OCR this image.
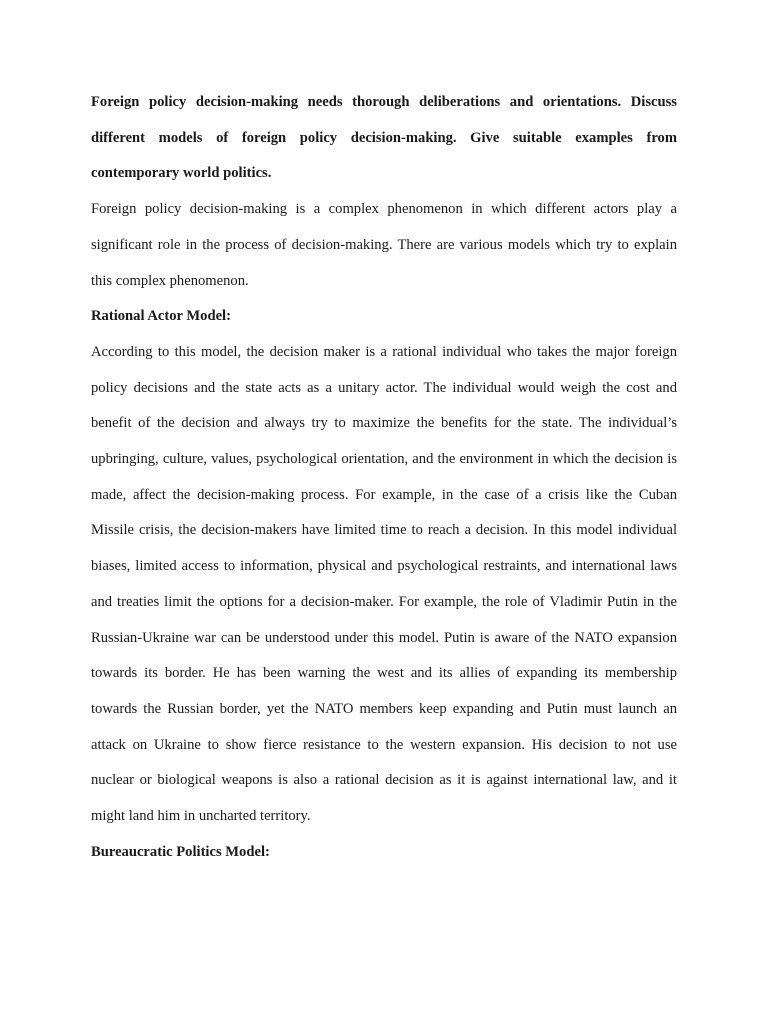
Foreign policy decision-making needs thorough deliberations and orientations. Discuss different models of foreign policy decision-making. Give suitable examples from contemporary world politics.

Foreign policy decision-making is a complex phenomenon in which different actors play a significant role in the process of decision-making. There are various models which try to explain this complex phenomenon.

Rational Actor Model:

According to this model, the decision maker is a rational individual who takes the major foreign policy decisions and the state acts as a unitary actor. The individual would weigh the cost and benefit of the decision and always try to maximize the benefits for the state. The individual’s upbringing, culture, values, psychological orientation, and the environment in which the decision is made, affect the decision-making process. For example, in the case of a crisis like the Cuban Missile crisis, the decision-makers have limited time to reach a decision. In this model individual biases, limited access to information, physical and psychological restraints, and international laws and treaties limit the options for a decision-maker. For example, the role of Vladimir Putin in the Russian-Ukraine war can be understood under this model. Putin is aware of the NATO expansion towards its border. He has been warning the west and its allies of expanding its membership towards the Russian border, yet the NATO members keep expanding and Putin must launch an attack on Ukraine to show fierce resistance to the western expansion. His decision to not use nuclear or biological weapons is also a rational decision as it is against international law, and it might land him in uncharted territory.

Bureaucratic Politics Model:
